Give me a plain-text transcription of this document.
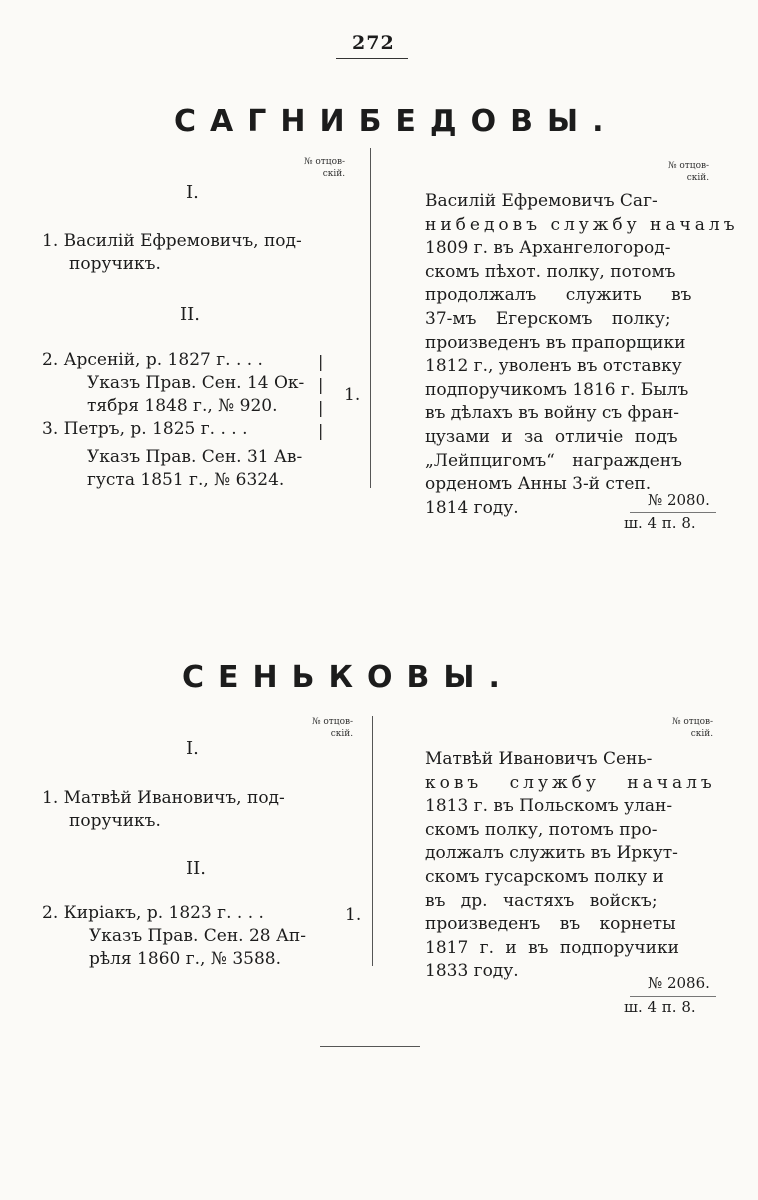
272
САГНИБЕДОВЫ.
№ отцов-
скій.
№ отцов-
скій.
I.
1. Василій Ефремовичъ, под-
поручикъ.
II.
2. Арсеній, р. 1827 г. . . .
Указъ Прав. Сен. 14 Ок-
тября 1848 г., № 920.
3. Петръ, р. 1825 г. . . .
Указъ Прав. Сен. 31 Ав-
густа 1851 г., № 6324.
|
|
|
|
1.

Василій Ефремовичъ Саг-

нибедовъ службу началъ

1809 г. въ Архангелогород-

скомъ пѣхот. полку, потомъ

продолжалъ служить въ

37-мъ Егерскомъ полку;

произведенъ въ прапорщики

1812 г., уволенъ въ отставку

подпоручикомъ 1816 г. Былъ

въ дѣлахъ въ войну съ фран-

цузами и за отличіе подъ

„Лейпцигомъ“ награжденъ

орденомъ Анны 3-й степ.

1814 году.	№ 2080.
ш. 4 п. 8.
СЕНЬКОВЫ.
№ отцов-
скій.
№ отцов-
скій.
I.
1. Матвѣй Ивановичъ, под-
поручикъ.
II.
2. Киріакъ, р. 1823 г. . . .
Указъ Прав. Сен. 28 Ап-
рѣля 1860 г., № 3588.
1.

Матвѣй Ивановичъ Сень-

ковъ службу началъ

1813 г. въ Польскомъ улан-

скомъ полку, потомъ про-

должалъ служить въ Иркут-

скомъ гусарскомъ полку и

въ др. частяхъ войскъ;

произведенъ въ корнеты

1817 г. и въ подпоручики

1833 году.

№ 2086.
ш. 4 п. 8.
